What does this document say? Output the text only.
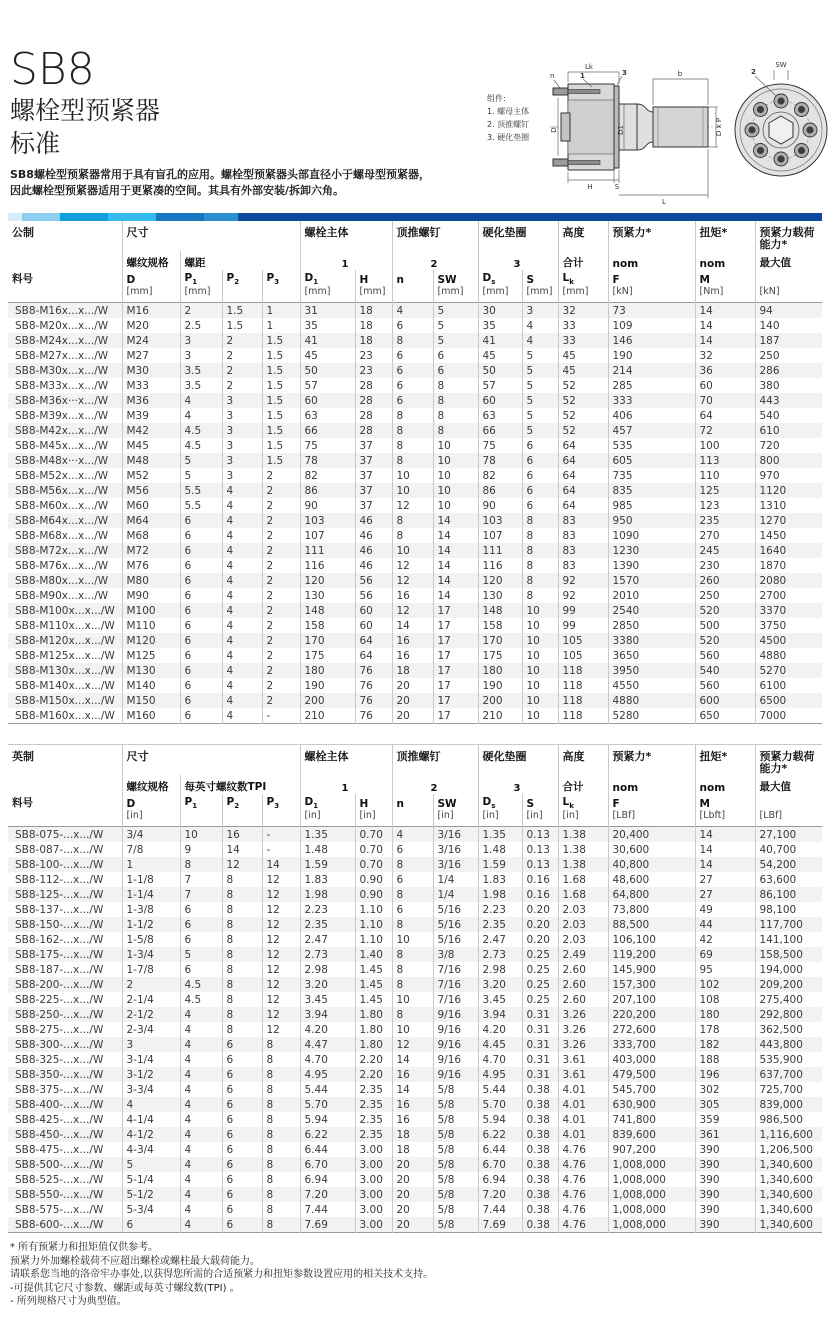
SB8
螺栓型预紧器
标准
SB8螺栓型预紧器常用于具有盲孔的应用。螺栓型预紧器头部直径小于螺母型预紧器，
因此螺栓型预紧器适用于更紧凑的空间。其具有外部安装/拆卸六角。
组件:
1. 螺母主体
2. 顶推螺钉
3. 硬化垫圈
Lk
b
n	1	3
D	D1	D x P
H	S
L
SW
2
公制	尺寸				螺栓主体		顶推螺钉		硬化垫圈		高度	预紧力*	扭矩*	预紧力载荷
能力*

	螺纹规格	螺距			1		2		3		合计	nom	nom	最大值
料号	D	$P_1$	$P_2$	$P_3$	$D_1$	H	n	SW	$D_s$	S	$L_k$	F	M	
	[mm]	[mm]			[mm]	[mm]		[mm]	[mm]	[mm]	[mm]	[kN]	[Nm]	[kN]
SB8-M16x...x.../W	M16	2	1.5	1	31	18	4	5	30	3	32	73	14	94
SB8-M20x...x.../W	M20	2.5	1.5	1	35	18	6	5	35	4	33	109	14	140
SB8-M24x...x.../W	M24	3	2	1.5	41	18	8	5	41	4	33	146	14	187
SB8-M27x...x.../W	M27	3	2	1.5	45	23	6	6	45	5	45	190	32	250
SB8-M30x...x.../W	M30	3.5	2	1.5	50	23	6	6	50	5	45	214	36	286
SB8-M33x...x.../W	M33	3.5	2	1.5	57	28	6	8	57	5	52	285	60	380
SB8-M36x···x.../W	M36	4	3	1.5	60	28	6	8	60	5	52	333	70	443
SB8-M39x...x.../W	M39	4	3	1.5	63	28	8	8	63	5	52	406	64	540
SB8-M42x...x.../W	M42	4.5	3	1.5	66	28	8	8	66	5	52	457	72	610
SB8-M45x...x.../W	M45	4.5	3	1.5	75	37	8	10	75	6	64	535	100	720
SB8-M48x···x.../W	M48	5	3	1.5	78	37	8	10	78	6	64	605	113	800
SB8-M52x...x.../W	M52	5	3	2	82	37	10	10	82	6	64	735	110	970
SB8-M56x...x.../W	M56	5.5	4	2	86	37	10	10	86	6	64	835	125	1120
SB8-M60x...x.../W	M60	5.5	4	2	90	37	12	10	90	6	64	985	123	1310
SB8-M64x...x.../W	M64	6	4	2	103	46	8	14	103	8	83	950	235	1270
SB8-M68x...x.../W	M68	6	4	2	107	46	8	14	107	8	83	1090	270	1450
SB8-M72x...x.../W	M72	6	4	2	111	46	10	14	111	8	83	1230	245	1640
SB8-M76x...x.../W	M76	6	4	2	116	46	12	14	116	8	83	1390	230	1870
SB8-M80x...x.../W	M80	6	4	2	120	56	12	14	120	8	92	1570	260	2080
SB8-M90x...x.../W	M90	6	4	2	130	56	16	14	130	8	92	2010	250	2700
SB8-M100x...x.../W	M100	6	4	2	148	60	12	17	148	10	99	2540	520	3370
SB8-M110x...x.../W	M110	6	4	2	158	60	14	17	158	10	99	2850	500	3750
SB8-M120x...x.../W	M120	6	4	2	170	64	16	17	170	10	105	3380	520	4500
SB8-M125x...x.../W	M125	6	4	2	175	64	16	17	175	10	105	3650	560	4880
SB8-M130x...x.../W	M130	6	4	2	180	76	18	17	180	10	118	3950	540	5270
SB8-M140x...x.../W	M140	6	4	2	190	76	20	17	190	10	118	4550	560	6100
SB8-M150x...x.../W	M150	6	4	2	200	76	20	17	200	10	118	4880	600	6500
SB8-M160x...x.../W	M160	6	4	-	210	76	20	17	210	10	118	5280	650	7000
英制	尺寸				螺栓主体		顶推螺钉		硬化垫圈		高度	预紧力*	扭矩*	预紧力载荷
能力*

	螺纹规格	每英寸螺纹数TPI			1		2		3		合计	nom	nom	最大值
料号	D	$P_1$	$P_2$	$P_3$	$D_1$	H	n	SW	$D_s$	S	$L_k$	F	M	
	[in]				[in]	[in]		[in]	[in]	[in]	[in]	[LBf]	[Lbft]	[LBf]
SB8-075-...x.../W	3/4	10	16	-	1.35	0.70	4	3/16	1.35	0.13	1.38	20,400	14	27,100
SB8-087-...x.../W	7/8	9	14	-	1.48	0.70	6	3/16	1.48	0.13	1.38	30,600	14	40,700
SB8-100-...x.../W	1	8	12	14	1.59	0.70	8	3/16	1.59	0.13	1.38	40,800	14	54,200
SB8-112-...x.../W	1-1/8	7	8	12	1.83	0.90	6	1/4	1.83	0.16	1.68	48,600	27	63,600
SB8-125-...x.../W	1-1/4	7	8	12	1.98	0.90	8	1/4	1.98	0.16	1.68	64,800	27	86,100
SB8-137-...x.../W	1-3/8	6	8	12	2.23	1.10	6	5/16	2.23	0.20	2.03	73,800	49	98,100
SB8-150-...x.../W	1-1/2	6	8	12	2.35	1.10	8	5/16	2.35	0.20	2.03	88,500	44	117,700
SB8-162-...x.../W	1-5/8	6	8	12	2.47	1.10	10	5/16	2.47	0.20	2.03	106,100	42	141,100
SB8-175-...x.../W	1-3/4	5	8	12	2.73	1.40	8	3/8	2.73	0.25	2.49	119,200	69	158,500
SB8-187-...x.../W	1-7/8	6	8	12	2.98	1.45	8	7/16	2.98	0.25	2.60	145,900	95	194,000
SB8-200-...x.../W	2	4.5	8	12	3.20	1.45	8	7/16	3.20	0.25	2.60	157,300	102	209,200
SB8-225-...x.../W	2-1/4	4.5	8	12	3.45	1.45	10	7/16	3.45	0.25	2.60	207,100	108	275,400
SB8-250-...x.../W	2-1/2	4	8	12	3.94	1.80	8	9/16	3.94	0.31	3.26	220,200	180	292,800
SB8-275-...x.../W	2-3/4	4	8	12	4.20	1.80	10	9/16	4.20	0.31	3.26	272,600	178	362,500
SB8-300-...x.../W	3	4	6	8	4.47	1.80	12	9/16	4.45	0.31	3.26	333,700	182	443,800
SB8-325-...x.../W	3-1/4	4	6	8	4.70	2.20	14	9/16	4.70	0.31	3.61	403,000	188	535,900
SB8-350-...x.../W	3-1/2	4	6	8	4.95	2.20	16	9/16	4.95	0.31	3.61	479,500	196	637,700
SB8-375-...x.../W	3-3/4	4	6	8	5.44	2.35	14	5/8	5.44	0.38	4.01	545,700	302	725,700
SB8-400-...x.../W	4	4	6	8	5.70	2.35	16	5/8	5.70	0.38	4.01	630,900	305	839,000
SB8-425-...x.../W	4-1/4	4	6	8	5.94	2.35	16	5/8	5.94	0.38	4.01	741,800	359	986,500
SB8-450-...x.../W	4-1/2	4	6	8	6.22	2.35	18	5/8	6.22	0.38	4.01	839,600	361	1,116,600
SB8-475-...x.../W	4-3/4	4	6	8	6.44	3.00	18	5/8	6.44	0.38	4.76	907,200	390	1,206,500
SB8-500-...x.../W	5	4	6	8	6.70	3.00	20	5/8	6.70	0.38	4.76	1,008,000	390	1,340,600
SB8-525-...x.../W	5-1/4	4	6	8	6.94	3.00	20	5/8	6.94	0.38	4.76	1,008,000	390	1,340,600
SB8-550-...x.../W	5-1/2	4	6	8	7.20	3.00	20	5/8	7.20	0.38	4.76	1,008,000	390	1,340,600
SB8-575-...x.../W	5-3/4	4	6	8	7.44	3.00	20	5/8	7.44	0.38	4.76	1,008,000	390	1,340,600
SB8-600-...x.../W	6	4	6	8	7.69	3.00	20	5/8	7.69	0.38	4.76	1,008,000	390	1,340,600
* 所有预紧力和扭矩值仅供参考。
预紧力外加螺栓载荷不应超出螺栓或螺柱最大载荷能力。
请联系您当地的洛帝牢办事处,以获得您所需的合适预紧力和扭矩参数设置应用的相关技术支持。
-可提供其它尺寸参数、螺距或每英寸螺纹数(TPI) 。
- 所列规格尺寸为典型值。
